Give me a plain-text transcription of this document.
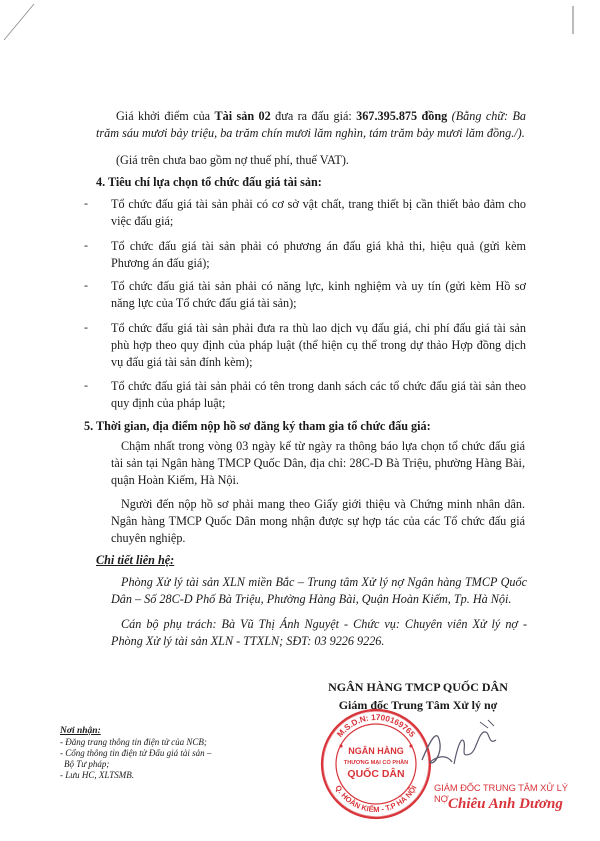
Giá khởi điểm của Tài sản 02 đưa ra đấu giá: 367.395.875 đồng (Bằng chữ: Ba trăm sáu mươi bảy triệu, ba trăm chín mươi lăm nghìn, tám trăm bảy mươi lăm đồng./).
(Giá trên chưa bao gồm nợ thuế phí, thuế VAT).
4. Tiêu chí lựa chọn tổ chức đấu giá tài sản:
- Tổ chức đấu giá tài sản phải có cơ sở vật chất, trang thiết bị cần thiết bảo đảm cho việc đấu giá;
- Tổ chức đấu giá tài sản phải có phương án đấu giá khả thi, hiệu quả (gửi kèm Phương án đấu giá);
- Tổ chức đấu giá tài sản phải có năng lực, kinh nghiệm và uy tín (gửi kèm Hồ sơ năng lực của Tổ chức đấu giá tài sản);
- Tổ chức đấu giá tài sản phải đưa ra thù lao dịch vụ đấu giá, chi phí đấu giá tài sản phù hợp theo quy định của pháp luật (thể hiện cụ thể trong dự thảo Hợp đồng dịch vụ đấu giá tài sản đính kèm);
- Tổ chức đấu giá tài sản phải có tên trong danh sách các tổ chức đấu giá tài sản theo quy định của pháp luật;
5. Thời gian, địa điểm nộp hồ sơ đăng ký tham gia tổ chức đấu giá:
Chậm nhất trong vòng 03 ngày kể từ ngày ra thông báo lựa chọn tổ chức đấu giá tài sản tại Ngân hàng TMCP Quốc Dân, địa chỉ: 28C-D Bà Triệu, phường Hàng Bài, quận Hoàn Kiếm, Hà Nội.
Người đến nộp hồ sơ phải mang theo Giấy giới thiệu và Chứng minh nhân dân. Ngân hàng TMCP Quốc Dân mong nhận được sự hợp tác của các Tổ chức đấu giá chuyên nghiệp.
Chi tiết liên hệ:
Phòng Xử lý tài sản XLN miền Bắc – Trung tâm Xử lý nợ Ngân hàng TMCP Quốc Dân – Số 28C-D Phố Bà Triệu, Phường Hàng Bài, Quận Hoàn Kiếm, Tp. Hà Nội.
Cán bộ phụ trách: Bà Vũ Thị Ánh Nguyệt - Chức vụ: Chuyên viên Xử lý nợ - Phòng Xử lý tài sản XLN - TTXLN; SĐT: 03 9226 9226.
Nơi nhận:
- Đăng trang thông tin điện tử của NCB;
- Cổng thông tin điện tử Đấu giá tài sản –
Bộ Tư pháp;
- Lưu HC, XLTSMB.
NGÂN HÀNG TMCP QUỐC DÂN
Giám đốc Trung Tâm Xử lý nợ
M.S.D.N: 1700169765
Q. HOÀN KIẾM - T.P HÀ NỘI
NGÂN HÀNG
THƯƠNG MẠI CỔ PHẦN
QUỐC DÂN
GIÁM ĐỐC TRUNG TÂM XỬ LÝ NỢ Chiêu Anh Dương
